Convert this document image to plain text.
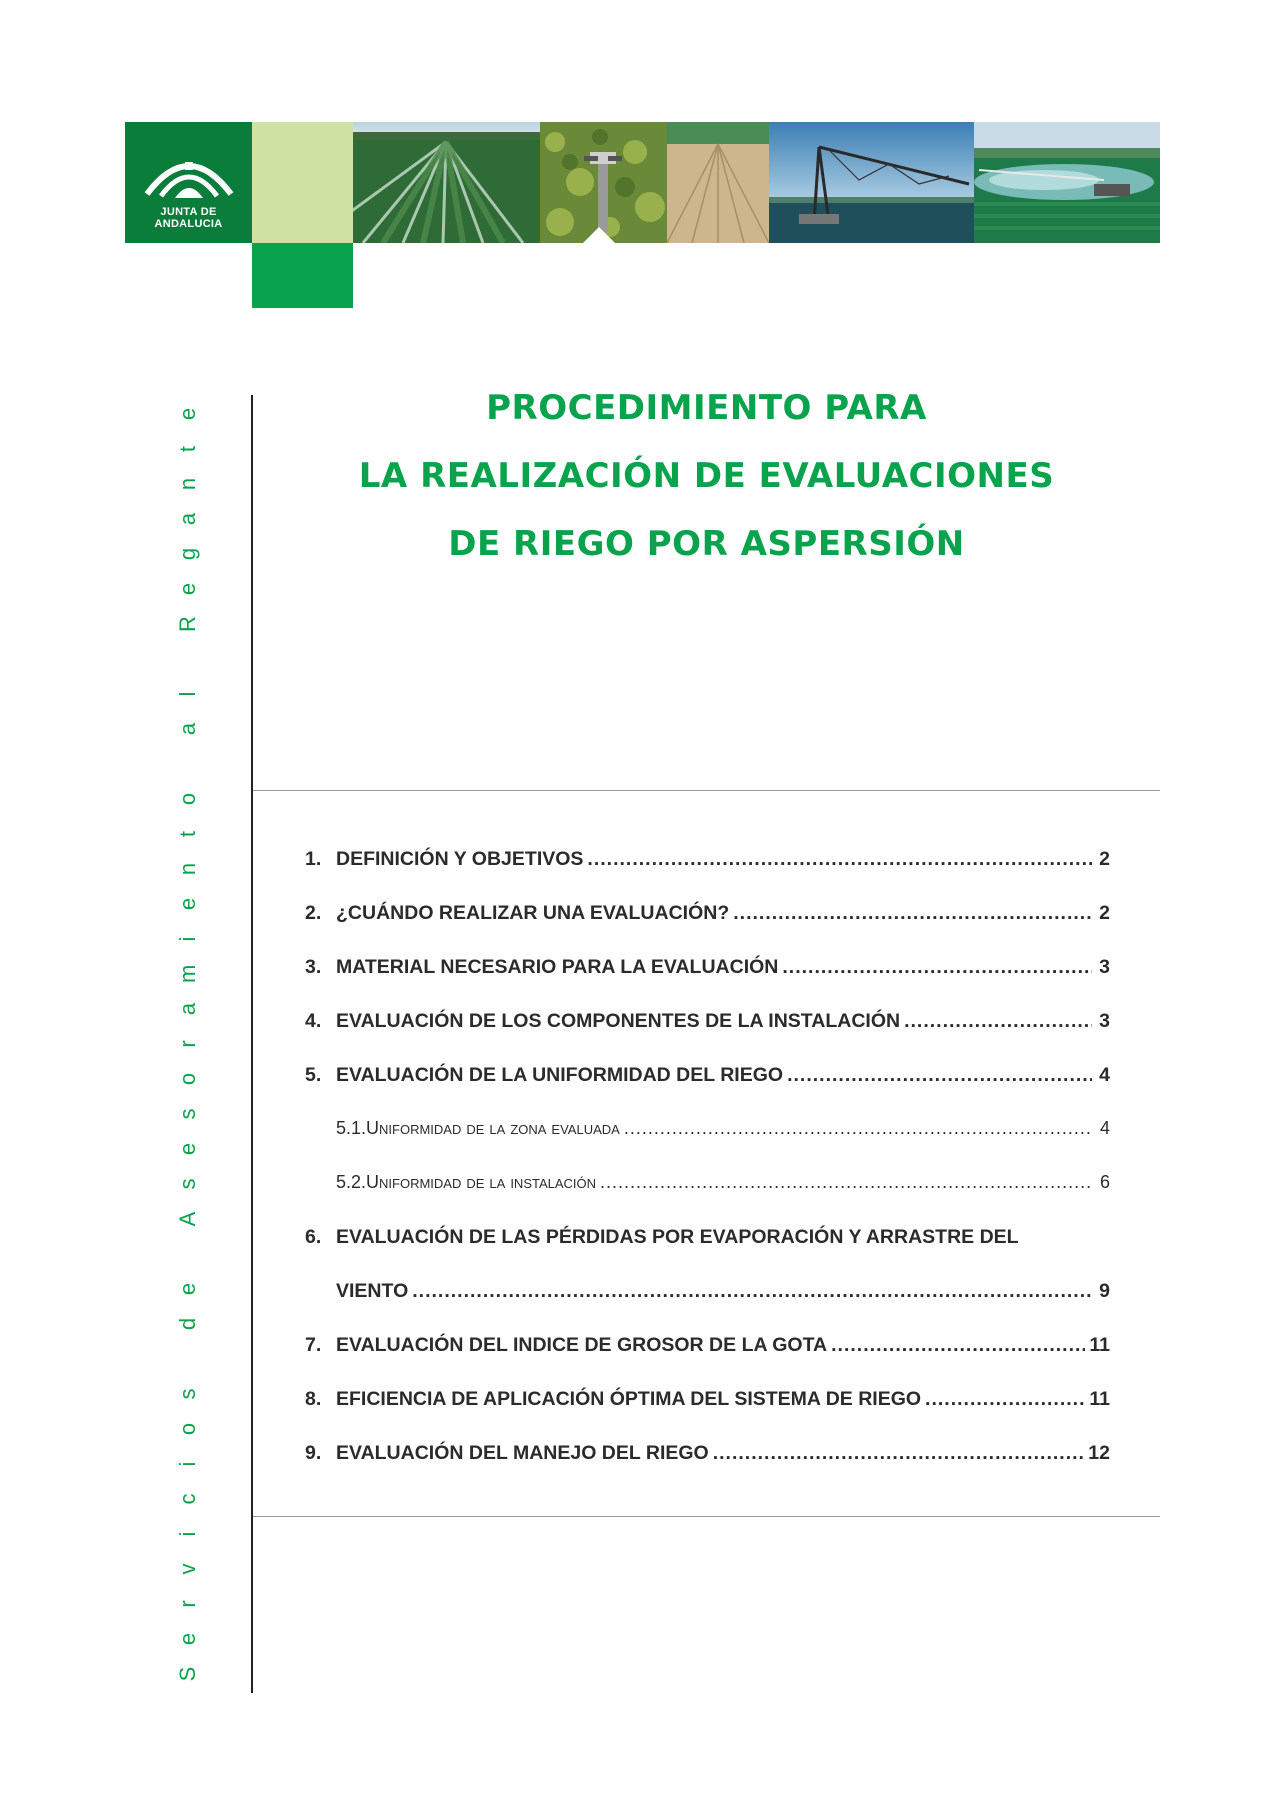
JUNTA DE ANDALUCIA
S
e
r
v
i
c
i
o
s

d
e

A
s
e
s
o
r
a
m
i
e
n
t
o

a
l

R
e
g
a
n
t
e	PROCEDIMIENTO PARA
LA REALIZACIÓN DE EVALUACIONES
DE RIEGO POR ASPERSIÓN
1. DEFINICIÓN Y OBJETIVOS .....	2
2. ¿CUÁNDO REALIZAR UNA EVALUACIÓN? .....	2
3. MATERIAL NECESARIO PARA LA EVALUACIÓN .....	3
4. EVALUACIÓN DE LOS COMPONENTES DE LA INSTALACIÓN .....	3
5. EVALUACIÓN DE LA UNIFORMIDAD DEL RIEGO .....	4
5.1. Uniformidad de la zona evaluada .....	4
5.2. Uniformidad de la instalación .....	6
6. EVALUACIÓN DE LAS PÉRDIDAS POR EVAPORACIÓN Y ARRASTRE DEL
VIENTO .....	9
7. EVALUACIÓN DEL INDICE DE GROSOR DE LA GOTA .....	11
8. EFICIENCIA DE APLICACIÓN ÓPTIMA DEL SISTEMA DE RIEGO .....	11
9. EVALUACIÓN DEL MANEJO DEL RIEGO .....	12
